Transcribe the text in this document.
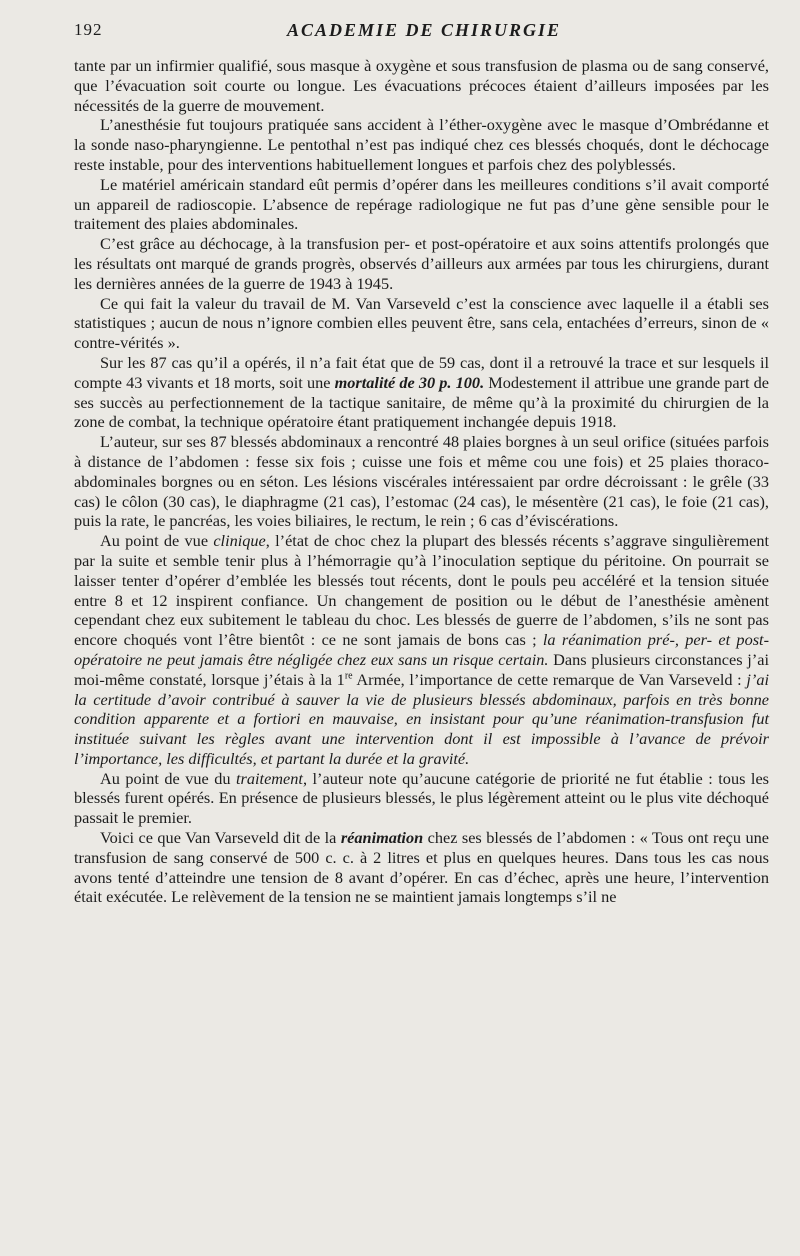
192	ACADEMIE DE CHIRURGIE

tante par un infirmier qualifié, sous masque à oxygène et sous transfusion de plasma ou de sang conservé, que l’évacuation soit courte ou longue. Les évacuations précoces étaient d’ailleurs imposées par les nécessités de la guerre de mouvement.

L’anesthésie fut toujours pratiquée sans accident à l’éther-oxygène avec le masque d’Ombrédanne et la sonde naso-pharyngienne. Le pentothal n’est pas indiqué chez ces blessés choqués, dont le déchocage reste instable, pour des interventions habituellement longues et parfois chez des polyblessés.

Le matériel américain standard eût permis d’opérer dans les meilleures conditions s’il avait comporté un appareil de radioscopie. L’absence de repérage radiologique ne fut pas d’une gène sensible pour le traitement des plaies abdominales.

C’est grâce au déchocage, à la transfusion per- et post-opératoire et aux soins attentifs prolongés que les résultats ont marqué de grands progrès, observés d’ailleurs aux armées par tous les chirurgiens, durant les dernières années de la guerre de 1943 à 1945.

Ce qui fait la valeur du travail de M. Van Varseveld c’est la conscience avec laquelle il a établi ses statistiques ; aucun de nous n’ignore combien elles peuvent être, sans cela, entachées d’erreurs, sinon de « contre-vérités ».

Sur les 87 cas qu’il a opérés, il n’a fait état que de 59 cas, dont il a retrouvé la trace et sur lesquels il compte 43 vivants et 18 morts, soit une mortalité de 30 p. 100. Modestement il attribue une grande part de ses succès au perfectionnement de la tactique sanitaire, de même qu’à la proximité du chirurgien de la zone de combat, la technique opératoire étant pratiquement inchangée depuis 1918.

L’auteur, sur ses 87 blessés abdominaux a rencontré 48 plaies borgnes à un seul orifice (situées parfois à distance de l’abdomen : fesse six fois ; cuisse une fois et même cou une fois) et 25 plaies thoraco-abdominales borgnes ou en séton. Les lésions viscérales intéressaient par ordre décroissant : le grêle (33 cas) le côlon (30 cas), le diaphragme (21 cas), l’estomac (24 cas), le mésentère (21 cas), le foie (21 cas), puis la rate, le pancréas, les voies biliaires, le rectum, le rein ; 6 cas d’éviscérations.

Au point de vue clinique, l’état de choc chez la plupart des blessés récents s’aggrave singulièrement par la suite et semble tenir plus à l’hémorragie qu’à l’inoculation septique du péritoine. On pourrait se laisser tenter d’opérer d’emblée les blessés tout récents, dont le pouls peu accéléré et la tension située entre 8 et 12 inspirent confiance. Un changement de position ou le début de l’anesthésie amènent cependant chez eux subitement le tableau du choc. Les blessés de guerre de l’abdomen, s’ils ne sont pas encore choqués vont l’être bientôt : ce ne sont jamais de bons cas ; la réanimation pré-, per- et post-opératoire ne peut jamais être négligée chez eux sans un risque certain. Dans plusieurs circonstances j’ai moi-même constaté, lorsque j’étais à la 1re Armée, l’importance de cette remarque de Van Varseveld : j’ai la certitude d’avoir contribué à sauver la vie de plusieurs blessés abdominaux, parfois en très bonne condition apparente et a fortiori en mauvaise, en insistant pour qu’une réanimation-transfusion fut instituée suivant les règles avant une intervention dont il est impossible à l’avance de prévoir l’importance, les difficultés, et partant la durée et la gravité.

Au point de vue du traitement, l’auteur note qu’aucune catégorie de priorité ne fut établie : tous les blessés furent opérés. En présence de plusieurs blessés, le plus légèrement atteint ou le plus vite déchoqué passait le premier.

Voici ce que Van Varseveld dit de la réanimation chez ses blessés de l’abdomen : « Tous ont reçu une transfusion de sang conservé de 500 c. c. à 2 litres et plus en quelques heures. Dans tous les cas nous avons tenté d’atteindre une tension de 8 avant d’opérer. En cas d’échec, après une heure, l’intervention était exécutée. Le relèvement de la tension ne se maintient jamais longtemps s’il ne
